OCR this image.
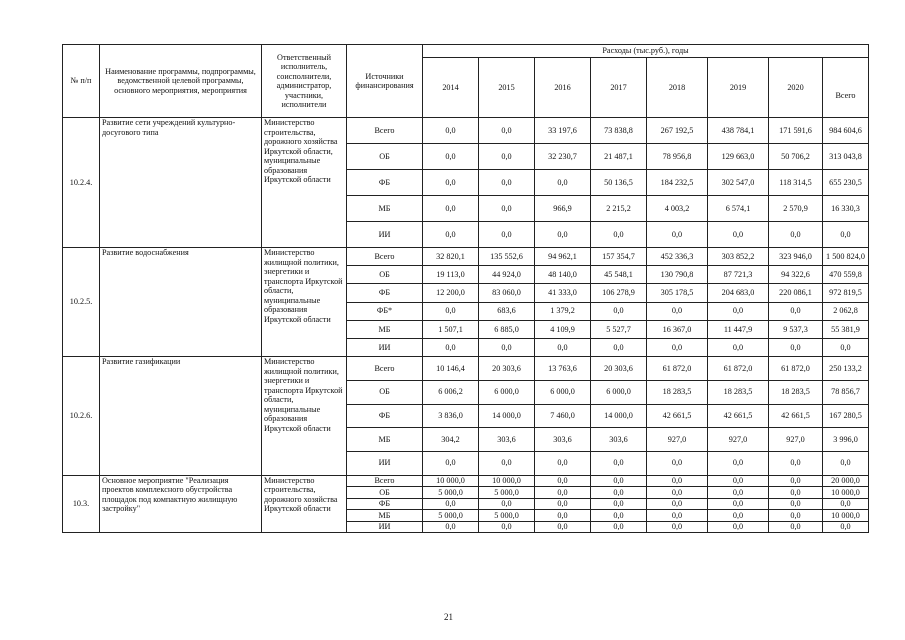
№ п/п	Наименование программы, подпрограммы, ведомственной целевой программы, основного мероприятия, мероприятия	Ответственный исполнитель, соисполнители, администратор, участники, исполнители	Источники финансирования	Расходы (тыс.руб.), годы							
				2014	2015	2016	2017	2018	2019	2020	Всего
10.2.4.	Развитие сети учреждений культурно-досугового типа	Министерство строительства, дорожного хозяйства Иркутской области, муниципальные образования Иркутской области	Всего	0,0	0,0	33 197,6	73 838,8	267 192,5	438 784,1	171 591,6	984 604,6
			ОБ	0,0	0,0	32 230,7	21 487,1	78 956,8	129 663,0	50 706,2	313 043,8
			ФБ	0,0	0,0	0,0	50 136,5	184 232,5	302 547,0	118 314,5	655 230,5
			МБ	0,0	0,0	966,9	2 215,2	4 003,2	6 574,1	2 570,9	16 330,3
			ИИ	0,0	0,0	0,0	0,0	0,0	0,0	0,0	0,0
10.2.5.	Развитие водоснабжения	Министерство жилищной политики, энергетики и транспорта Иркутской области, муниципальные образования Иркутской области	Всего	32 820,1	135 552,6	94 962,1	157 354,7	452 336,3	303 852,2	323 946,0	1 500 824,0
			ОБ	19 113,0	44 924,0	48 140,0	45 548,1	130 790,8	87 721,3	94 322,6	470 559,8
			ФБ	12 200,0	83 060,0	41 333,0	106 278,9	305 178,5	204 683,0	220 086,1	972 819,5
			ФБ*	0,0	683,6	1 379,2	0,0	0,0	0,0	0,0	2 062,8
			МБ	1 507,1	6 885,0	4 109,9	5 527,7	16 367,0	11 447,9	9 537,3	55 381,9
			ИИ	0,0	0,0	0,0	0,0	0,0	0,0	0,0	0,0
10.2.6.	Развитие газификации	Министерство жилищной политики, энергетики и транспорта Иркутской области, муниципальные образования Иркутской области	Всего	10 146,4	20 303,6	13 763,6	20 303,6	61 872,0	61 872,0	61 872,0	250 133,2
			ОБ	6 006,2	6 000,0	6 000,0	6 000,0	18 283,5	18 283,5	18 283,5	78 856,7
			ФБ	3 836,0	14 000,0	7 460,0	14 000,0	42 661,5	42 661,5	42 661,5	167 280,5
			МБ	304,2	303,6	303,6	303,6	927,0	927,0	927,0	3 996,0
			ИИ	0,0	0,0	0,0	0,0	0,0	0,0	0,0	0,0
10.3.	Основное мероприятие "Реализация проектов комплексного обустройства площадок под компактную жилищную застройку"	Министерство строительства, дорожного хозяйства Иркутской области	Всего	10 000,0	10 000,0	0,0	0,0	0,0	0,0	0,0	20 000,0
			ОБ	5 000,0	5 000,0	0,0	0,0	0,0	0,0	0,0	10 000,0
			ФБ	0,0	0,0	0,0	0,0	0,0	0,0	0,0	0,0
			МБ	5 000,0	5 000,0	0,0	0,0	0,0	0,0	0,0	10 000,0
			ИИ	0,0	0,0	0,0	0,0	0,0	0,0	0,0	0,0
21
